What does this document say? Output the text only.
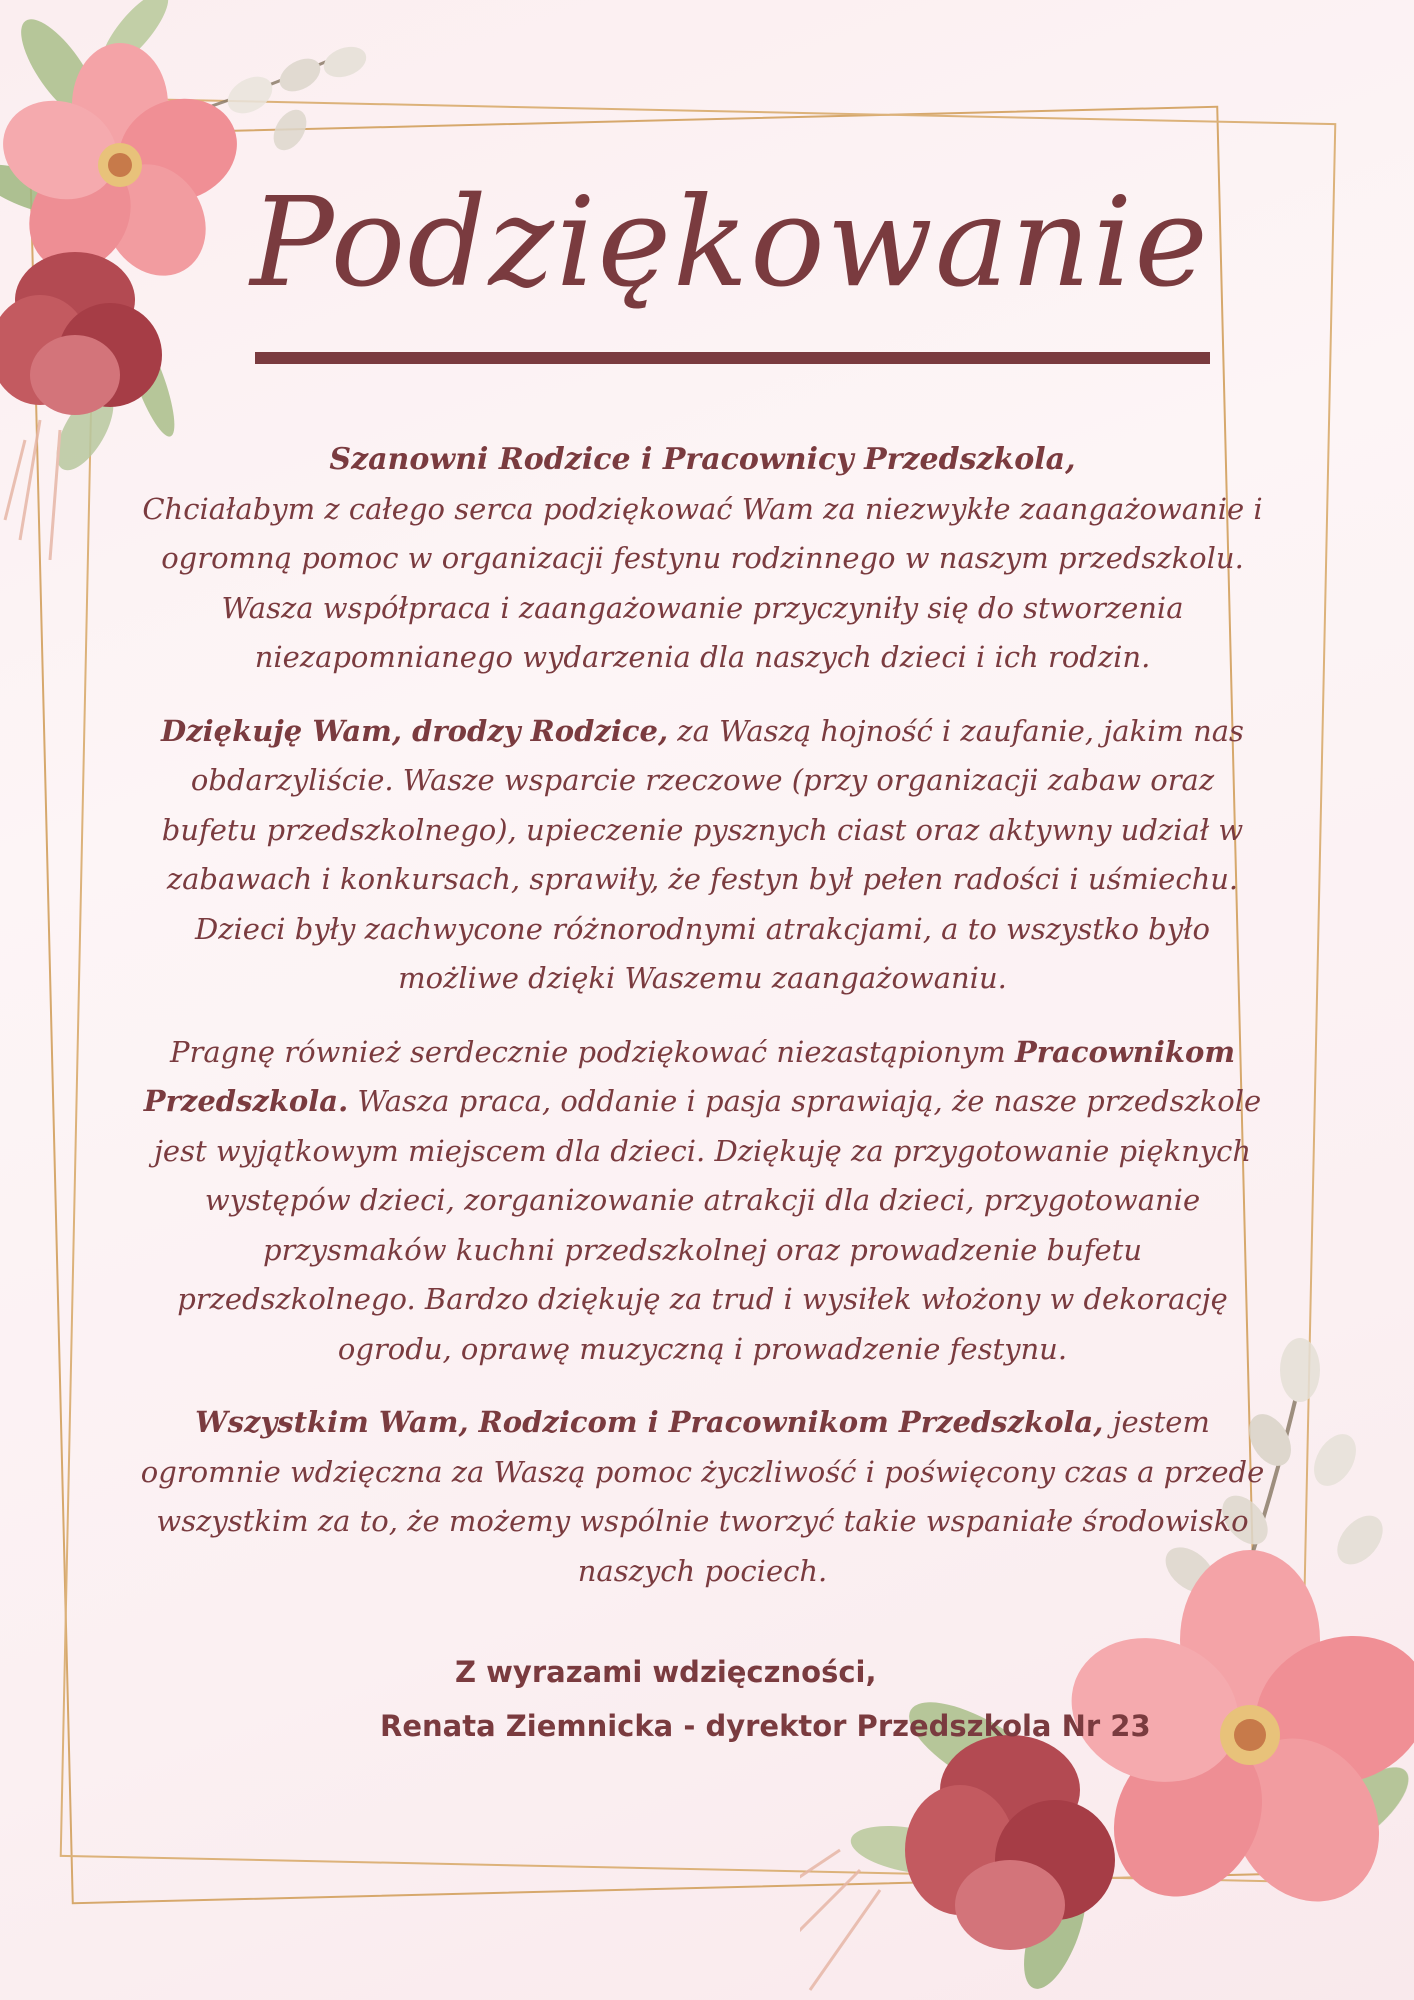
Podziękowanie

Szanowni Rodzice i Pracownicy Przedszkola,
Chciałabym z całego serca podziękować Wam za niezwykłe zaangażowanie i ogromną pomoc w organizacji festynu rodzinnego w naszym przedszkolu. Wasza współpraca i zaangażowanie przyczyniły się do stworzenia niezapomnianego wydarzenia dla naszych dzieci i ich rodzin.

Dziękuję Wam, drodzy Rodzice, za Waszą hojność i zaufanie, jakim nas obdarzyliście. Wasze wsparcie rzeczowe (przy organizacji zabaw oraz bufetu przedszkolnego), upieczenie pysznych ciast oraz aktywny udział w zabawach i konkursach, sprawiły, że festyn był pełen radości i uśmiechu. Dzieci były zachwycone różnorodnymi atrakcjami, a to wszystko było możliwe dzięki Waszemu zaangażowaniu.

Pragnę również serdecznie podziękować niezastąpionym Pracownikom Przedszkola. Wasza praca, oddanie i pasja sprawiają, że nasze przedszkole jest wyjątkowym miejscem dla dzieci. Dziękuję za przygotowanie pięknych występów dzieci, zorganizowanie atrakcji dla dzieci, przygotowanie przysmaków kuchni przedszkolnej oraz prowadzenie bufetu przedszkolnego. Bardzo dziękuję za trud i wysiłek włożony w dekorację ogrodu, oprawę muzyczną i prowadzenie festynu.

Wszystkim Wam, Rodzicom i Pracownikom Przedszkola, jestem ogromnie wdzięczna za Waszą pomoc życzliwość i poświęcony czas a przede wszystkim za to, że możemy wspólnie tworzyć takie wspaniałe środowisko naszych pociech.

Z wyrazami wdzięczności,
Renata Ziemnicka - dyrektor Przedszkola Nr 23
